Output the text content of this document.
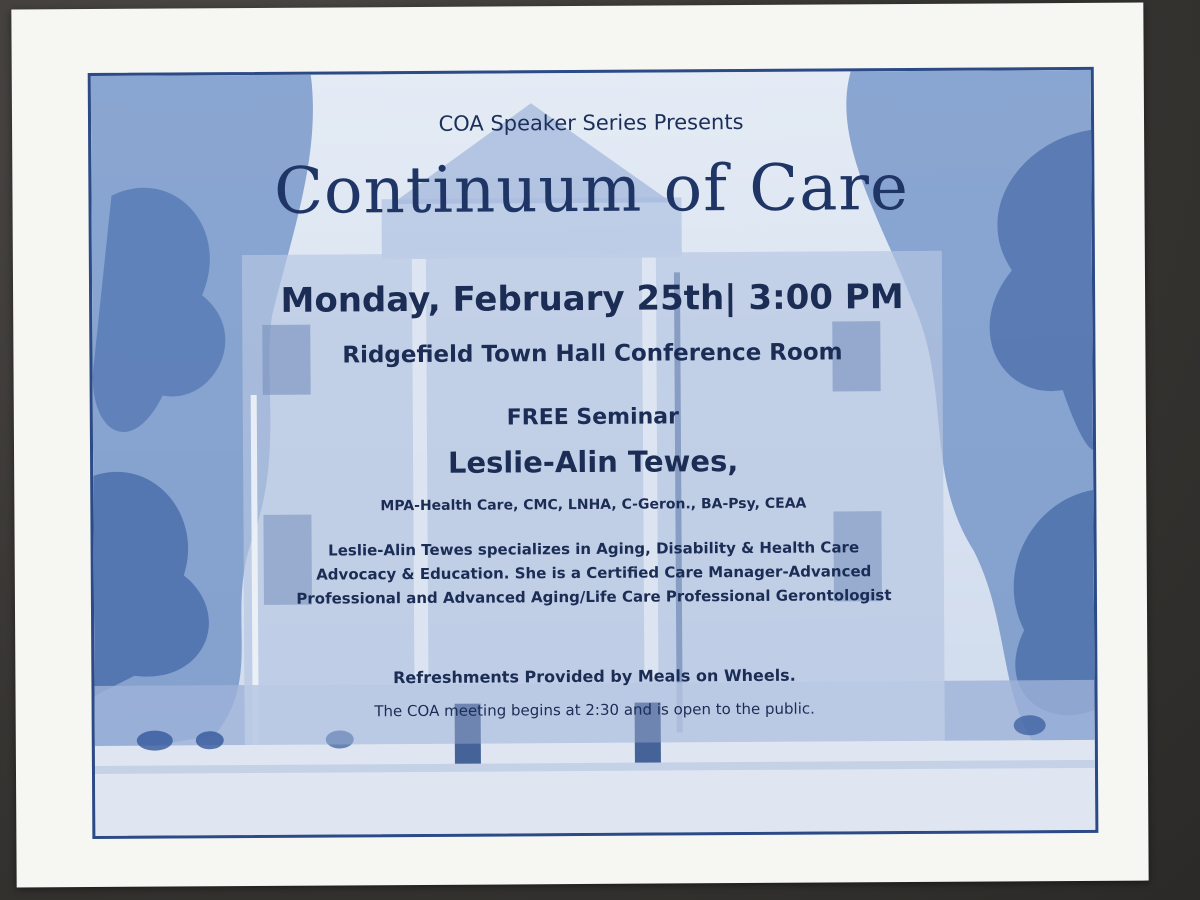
COA Speaker Series Presents
Continuum of Care
Monday, February 25th| 3:00 PM
Ridgefield Town Hall Conference Room
FREE Seminar
Leslie-Alin Tewes,
MPA-Health Care, CMC, LNHA, C-Geron., BA-Psy, CEAA
Leslie-Alin Tewes specializes in Aging, Disability & Health Care Advocacy & Education. She is a Certified Care Manager-Advanced Professional and Advanced Aging/Life Care Professional Gerontologist
Refreshments Provided by Meals on Wheels.
The COA meeting begins at 2:30 and is open to the public.
